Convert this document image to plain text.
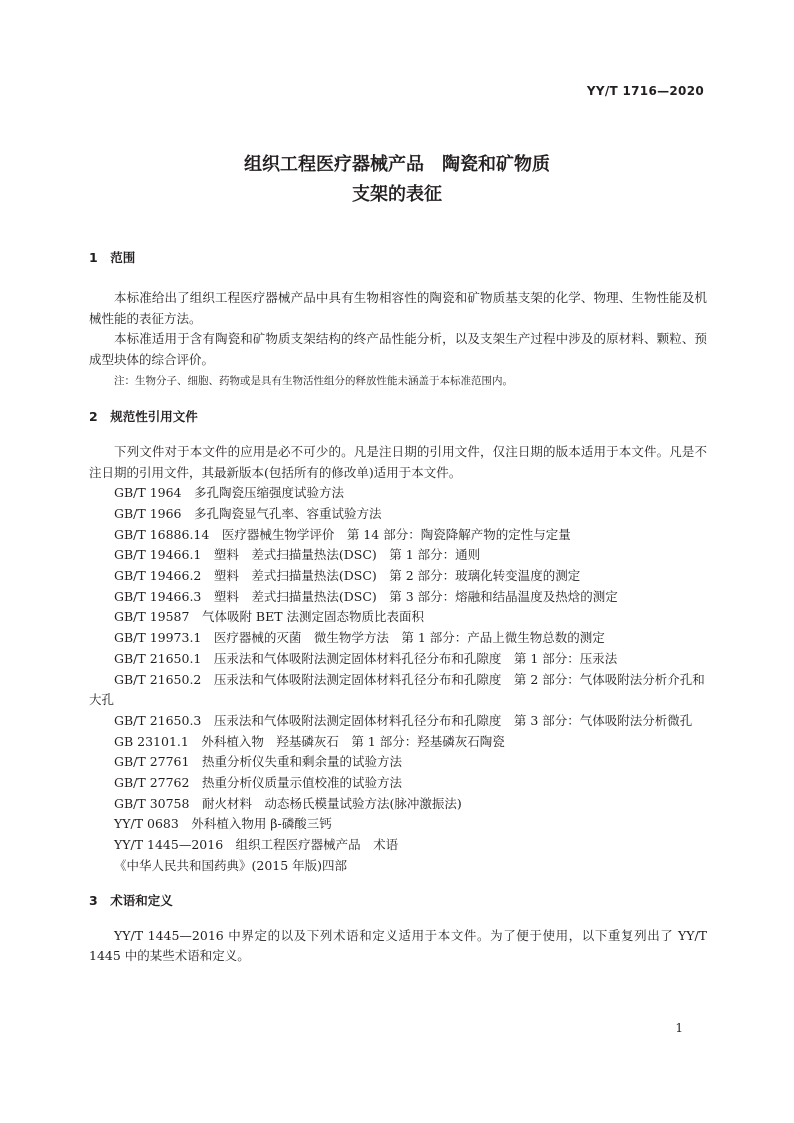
YY/T 1716—2020
组织工程医疗器械产品　陶瓷和矿物质
支架的表征
1　范围
本标准给出了组织工程医疗器械产品中具有生物相容性的陶瓷和矿物质基支架的化学、物理、生物性能及机械性能的表征方法。
本标准适用于含有陶瓷和矿物质支架结构的终产品性能分析，以及支架生产过程中涉及的原材料、颗粒、预成型块体的综合评价。
注：生物分子、细胞、药物或是具有生物活性组分的释放性能未涵盖于本标准范围内。
2　规范性引用文件
下列文件对于本文件的应用是必不可少的。凡是注日期的引用文件，仅注日期的版本适用于本文件。凡是不注日期的引用文件，其最新版本(包括所有的修改单)适用于本文件。
GB/T 1964　多孔陶瓷压缩强度试验方法
GB/T 1966　多孔陶瓷显气孔率、容重试验方法
GB/T 16886.14　医疗器械生物学评价　第 14 部分：陶瓷降解产物的定性与定量
GB/T 19466.1　塑料　差式扫描量热法(DSC)　第 1 部分：通则
GB/T 19466.2　塑料　差式扫描量热法(DSC)　第 2 部分：玻璃化转变温度的测定
GB/T 19466.3　塑料　差式扫描量热法(DSC)　第 3 部分：熔融和结晶温度及热焓的测定
GB/T 19587　气体吸附 BET 法测定固态物质比表面积
GB/T 19973.1　医疗器械的灭菌　微生物学方法　第 1 部分：产品上微生物总数的测定
GB/T 21650.1　压汞法和气体吸附法测定固体材料孔径分布和孔隙度　第 1 部分：压汞法
GB/T 21650.2　压汞法和气体吸附法测定固体材料孔径分布和孔隙度　第 2 部分：气体吸附法分析介孔和大孔
GB/T 21650.3　压汞法和气体吸附法测定固体材料孔径分布和孔隙度　第 3 部分：气体吸附法分析微孔
GB 23101.1　外科植入物　羟基磷灰石　第 1 部分：羟基磷灰石陶瓷
GB/T 27761　热重分析仪失重和剩余量的试验方法
GB/T 27762　热重分析仪质量示值校准的试验方法
GB/T 30758　耐火材料　动态杨氏模量试验方法(脉冲激振法)
YY/T 0683　外科植入物用 β-磷酸三钙
YY/T 1445—2016　组织工程医疗器械产品　术语
《中华人民共和国药典》(2015 年版)四部
3　术语和定义
YY/T 1445—2016 中界定的以及下列术语和定义适用于本文件。为了便于使用，以下重复列出了 YY/T 1445 中的某些术语和定义。
1
